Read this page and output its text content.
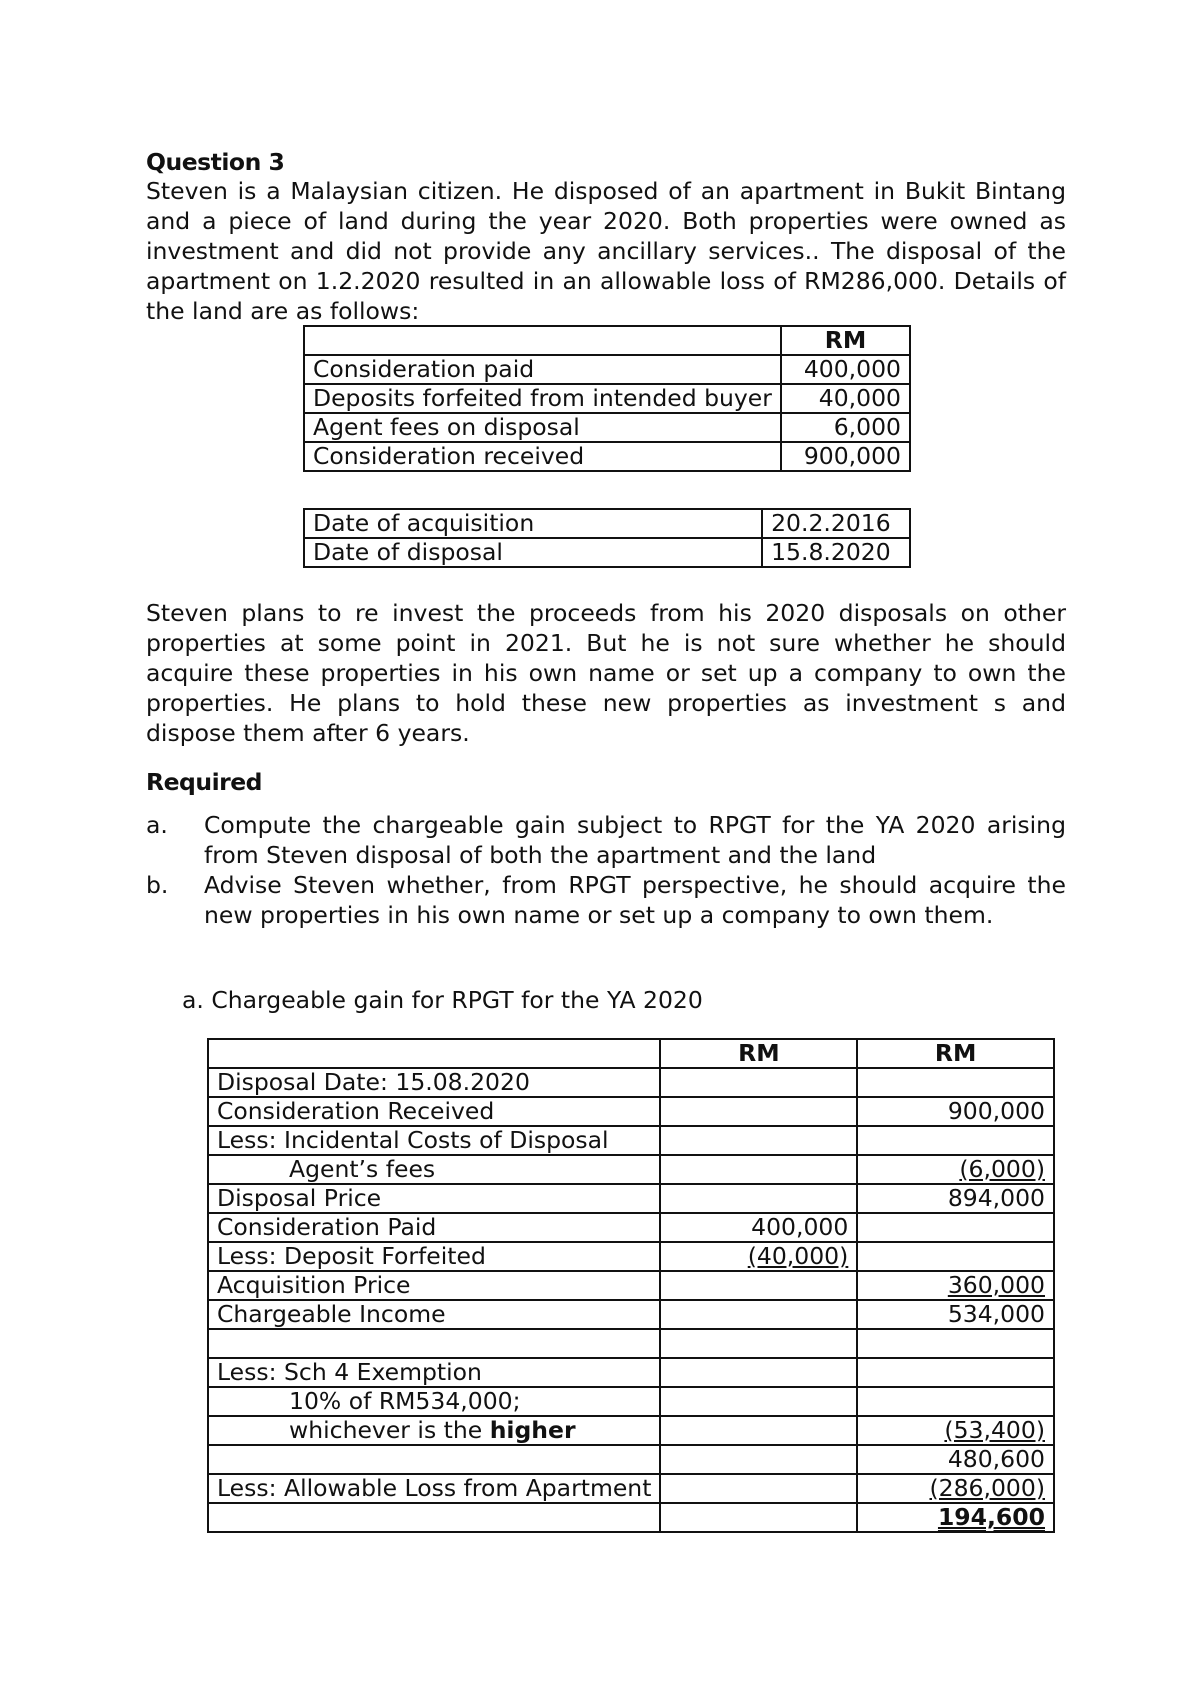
Question 3

Steven is a Malaysian citizen. He disposed of an apartment in Bukit Bintang and a piece of land during the year 2020. Both properties were owned as investment and did not provide any ancillary services.. The disposal of the apartment on 1.2.2020 resulted in an allowable loss of RM286,000. Details of the land are as follows:

	RM
Consideration paid	400,000
Deposits forfeited from intended buyer	40,000
Agent fees on disposal	6,000
Consideration received	900,000
Date of acquisition	20.2.2016
Date of disposal	15.8.2020

Steven plans to re invest the proceeds from his 2020 disposals on other properties at some point in 2021. But he is not sure whether he should acquire these properties in his own name or set up a company to own the properties. He plans to hold these new properties as investment s and dispose them after 6 years.

Required
a. Compute the chargeable gain subject to RPGT for the YA 2020 arising from Steven disposal of both the apartment and the land
b. Advise Steven whether, from RPGT perspective, he should acquire the new properties in his own name or set up a company to own them.
a. Chargeable gain for RPGT for the YA 2020
	RM	RM
Disposal Date: 15.08.2020		
Consideration Received		900,000
Less: Incidental Costs of Disposal		
Agent’s fees		(6,000)
Disposal Price		894,000
Consideration Paid	400,000	
Less: Deposit Forfeited	(40,000)	
Acquisition Price		360,000
Chargeable Income		534,000

Less: Sch 4 Exemption		
10% of RM534,000;		
whichever is the higher		(53,400)
		480,600
Less: Allowable Loss from Apartment		(286,000)
		194,600
